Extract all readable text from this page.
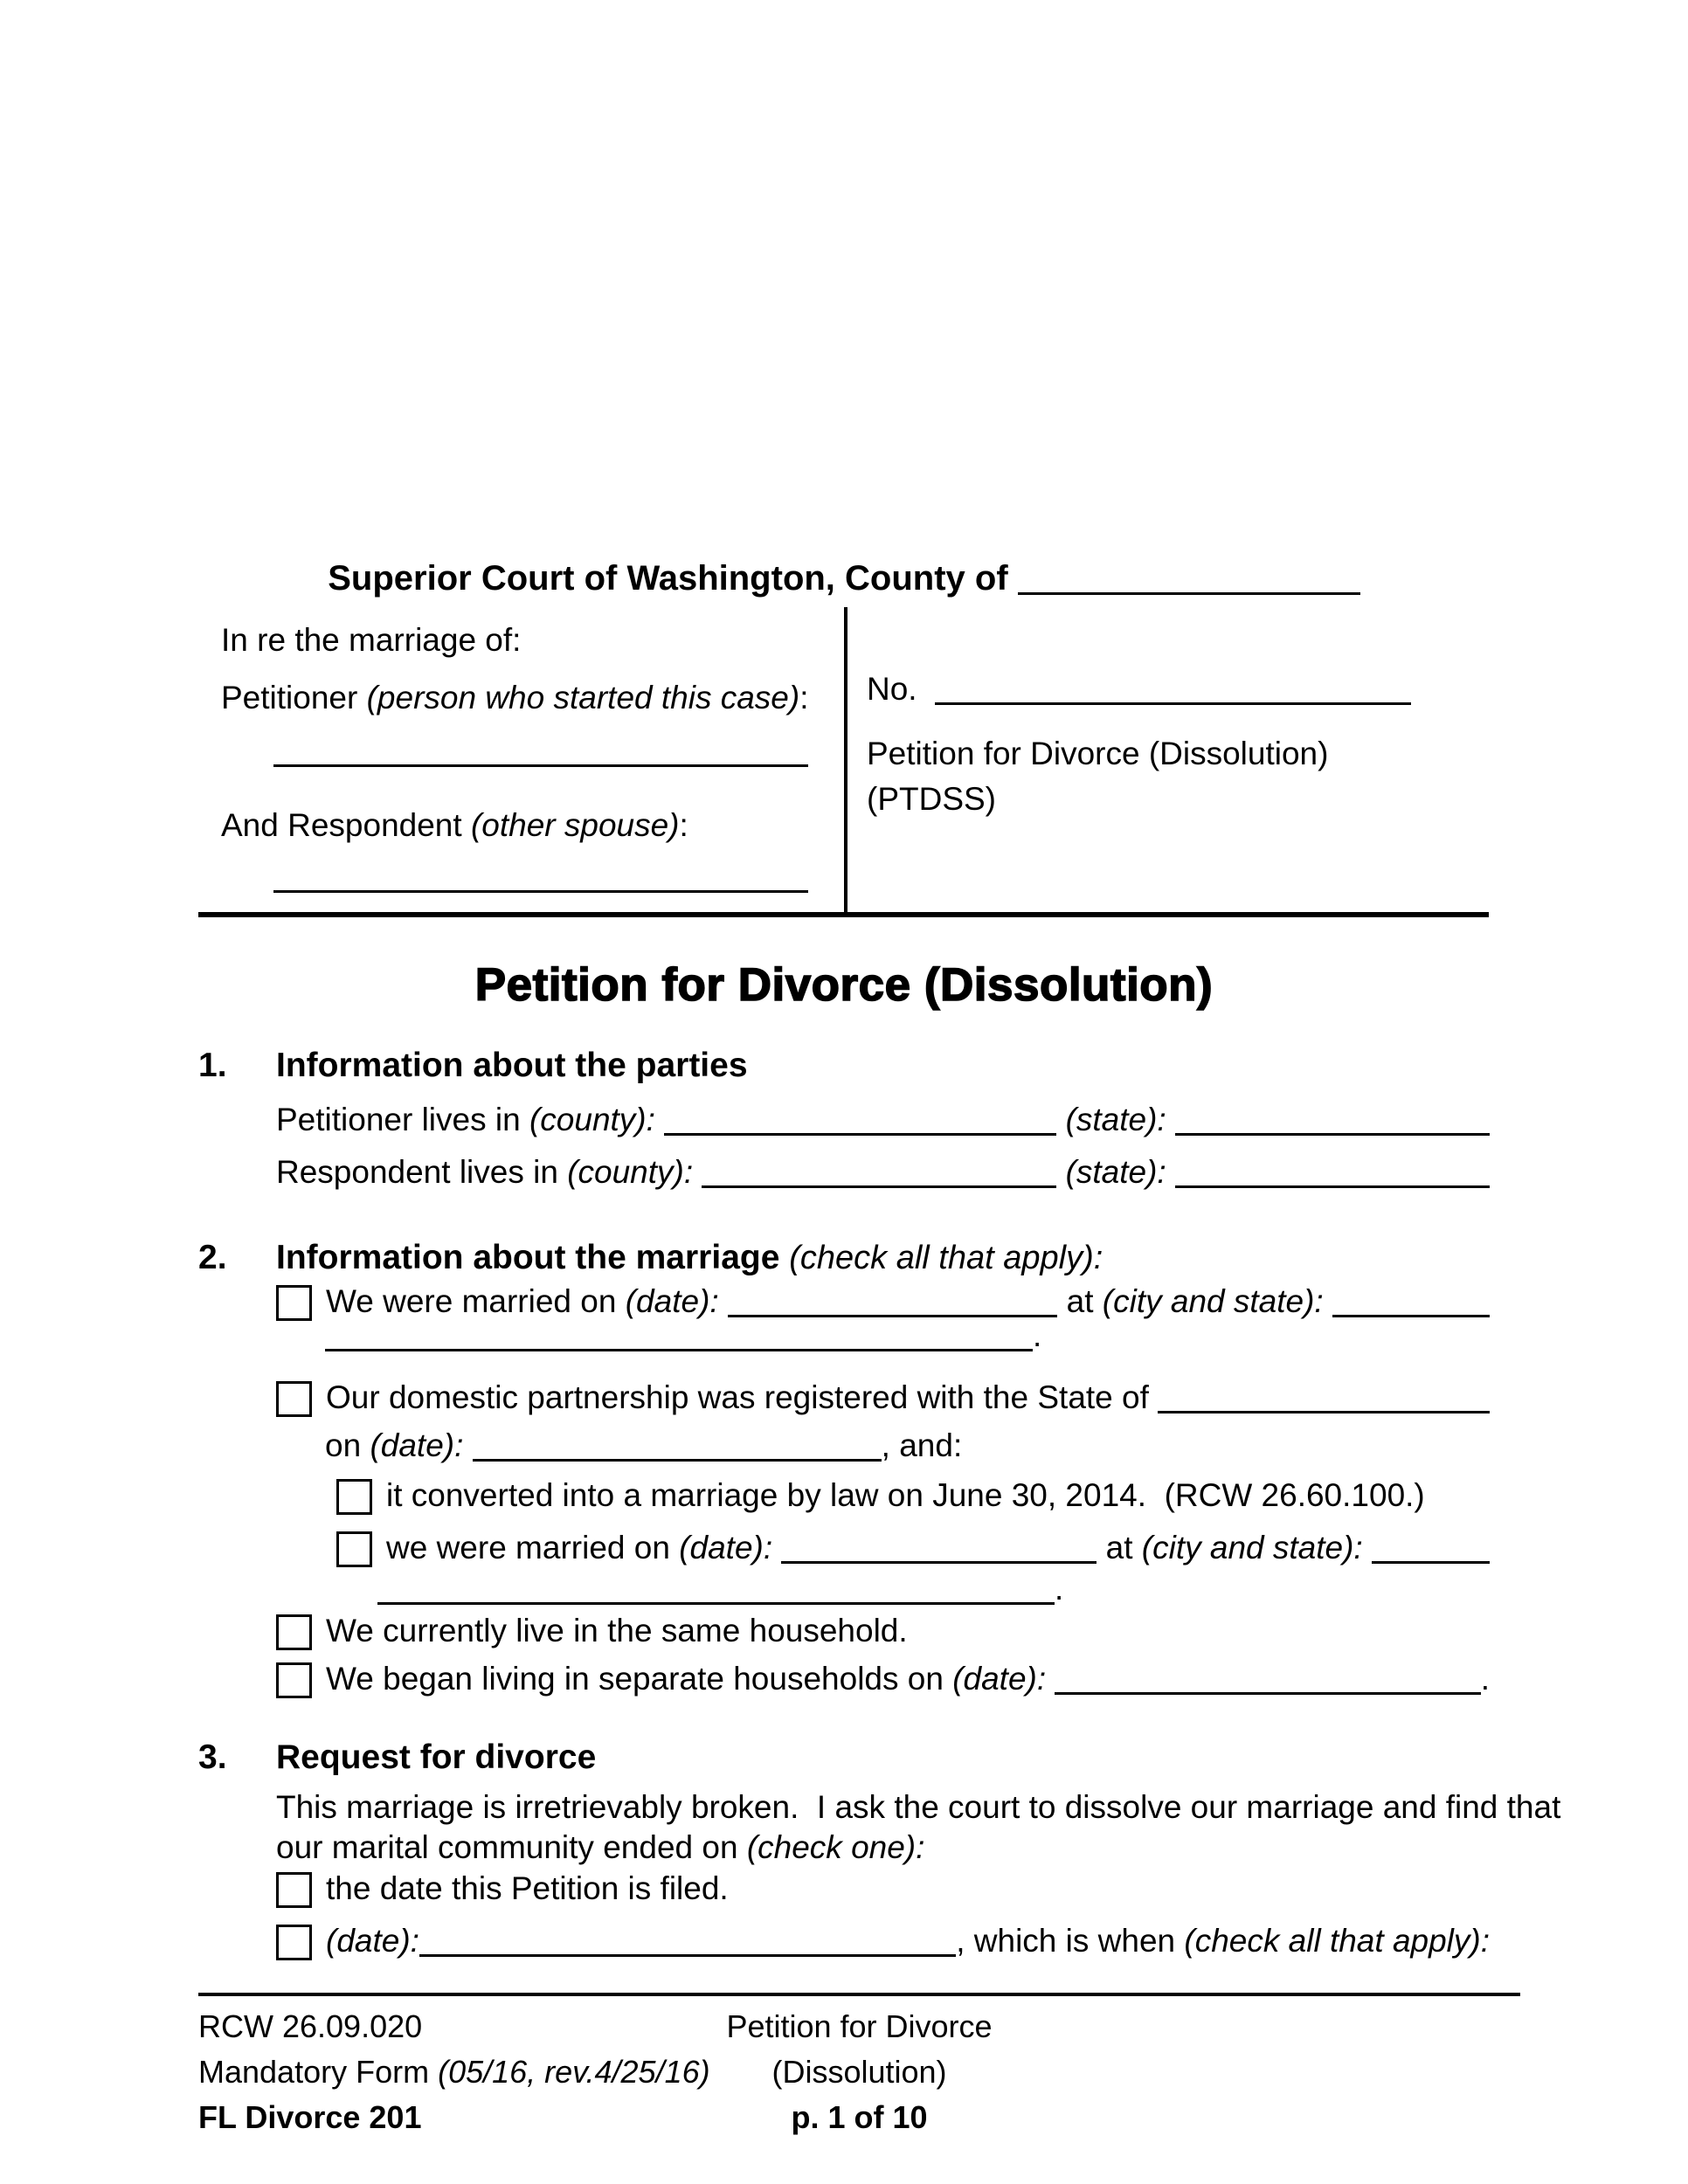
Superior Court of Washington, County of
In re the marriage of:
Petitioner (person who started this case):
And Respondent (other spouse):
No.
Petition for Divorce (Dissolution)
(PTDSS)
Petition for Divorce (Dissolution)
1.	Information about the parties
Petitioner lives in (county):	(state):
Respondent lives in (county):	(state):
2.	Information about the marriage (check all that apply):
We were married on (date):	at (city and state):
.
Our domestic partnership was registered with the State of
on (date):	, and:
it converted into a marriage by law on June 30, 2014.  (RCW 26.60.100.)
we were married on (date):	at (city and state):
.
We currently live in the same household.
We began living in separate households on (date):	.
3.	Request for divorce
This marriage is irretrievably broken.  I ask the court to dissolve our marriage and find that
our marital community ended on (check one):
the date this Petition is filed.
(date):	, which is when (check all that apply):
RCW 26.09.020
Mandatory Form (05/16, rev.4/25/16)
FL Divorce 201
Petition for Divorce
(Dissolution)
p. 1 of 10
